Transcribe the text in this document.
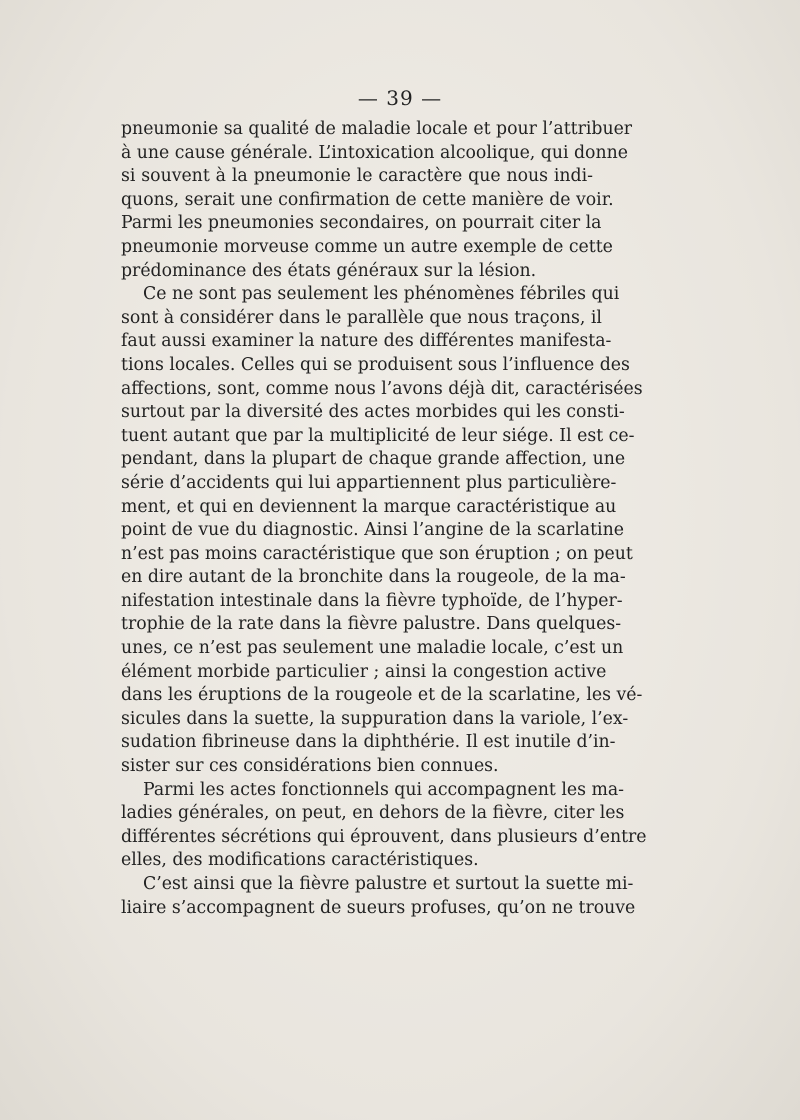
— 39 —
pneumonie sa qualité de maladie locale et pour l’attribuer
à une cause générale. L’intoxication alcoolique, qui donne
si souvent à la pneumonie le caractère que nous indi-
quons, serait une confirmation de cette manière de voir.
Parmi les pneumonies secondaires, on pourrait citer la
pneumonie morveuse comme un autre exemple de cette
prédominance des états généraux sur la lésion.
Ce ne sont pas seulement les phénomènes fébriles qui
sont à considérer dans le parallèle que nous traçons, il
faut aussi examiner la nature des différentes manifesta-
tions locales. Celles qui se produisent sous l’influence des
affections, sont, comme nous l’avons déjà dit, caractérisées
surtout par la diversité des actes morbides qui les consti-
tuent autant que par la multiplicité de leur siége. Il est ce-
pendant, dans la plupart de chaque grande affection, une
série d’accidents qui lui appartiennent plus particulière-
ment, et qui en deviennent la marque caractéristique au
point de vue du diagnostic. Ainsi l’angine de la scarlatine
n’est pas moins caractéristique que son éruption ; on peut
en dire autant de la bronchite dans la rougeole, de la ma-
nifestation intestinale dans la fièvre typhoïde, de l’hyper-
trophie de la rate dans la fièvre palustre. Dans quelques-
unes, ce n’est pas seulement une maladie locale, c’est un
élément morbide particulier ; ainsi la congestion active
dans les éruptions de la rougeole et de la scarlatine, les vé-
sicules dans la suette, la suppuration dans la variole, l’ex-
sudation fibrineuse dans la diphthérie. Il est inutile d’in-
sister sur ces considérations bien connues.
Parmi les actes fonctionnels qui accompagnent les ma-
ladies générales, on peut, en dehors de la fièvre, citer les
différentes sécrétions qui éprouvent, dans plusieurs d’entre
elles, des modifications caractéristiques.
C’est ainsi que la fièvre palustre et surtout la suette mi-
liaire s’accompagnent de sueurs profuses, qu’on ne trouve
